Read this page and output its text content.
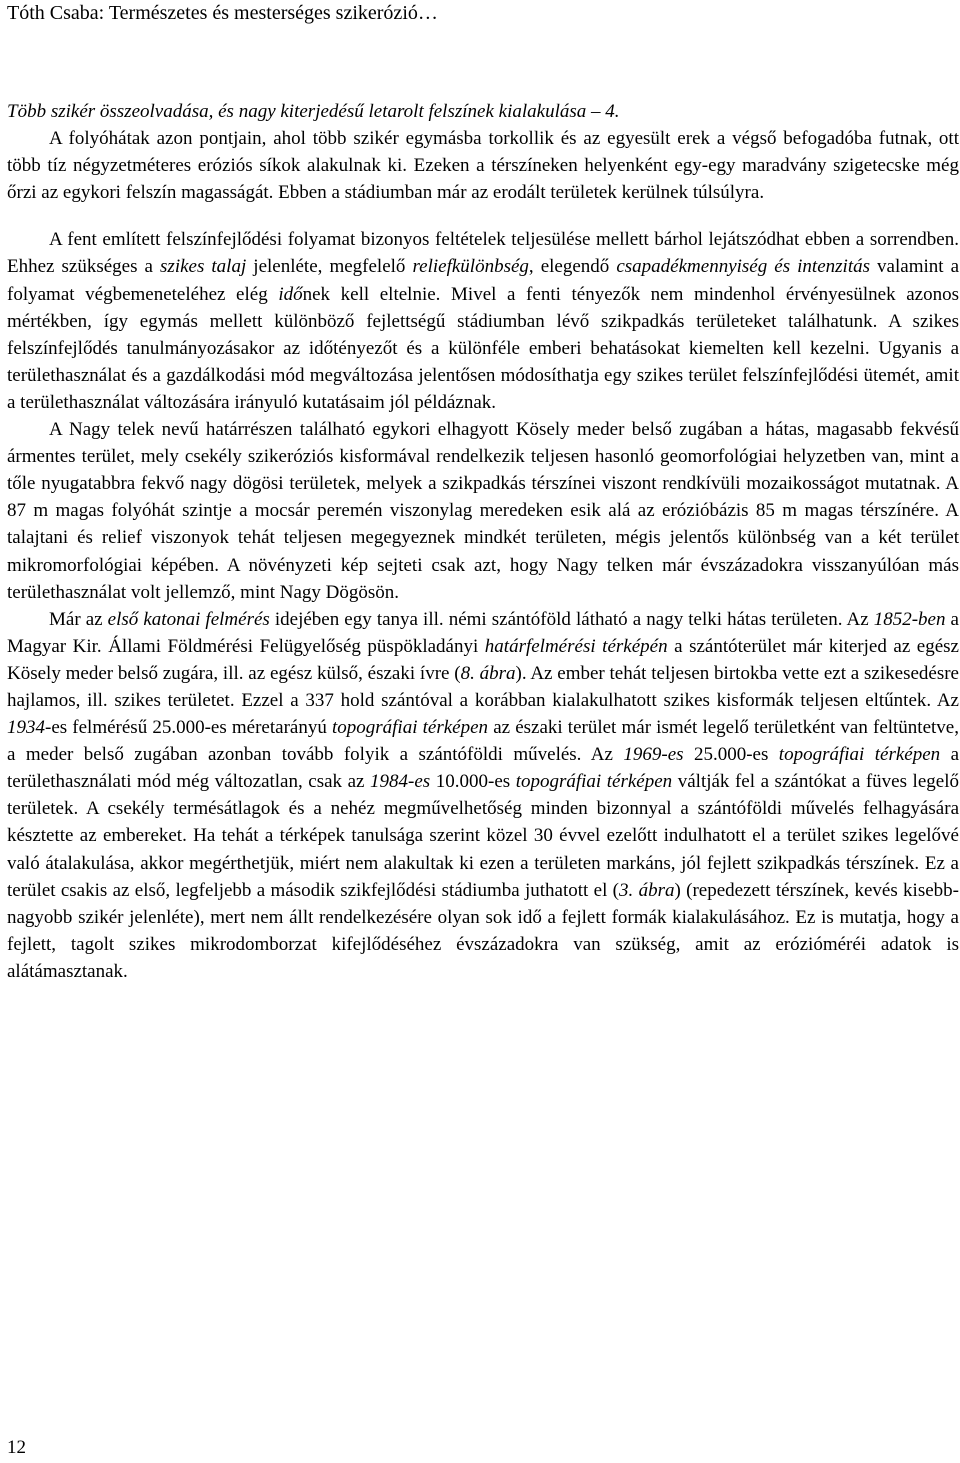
Tóth Csaba: Természetes és mesterséges szikerózió…

Több szikér összeolvadása, és nagy kiterjedésű letarolt felszínek kialakulása – 4.

A folyóhátak azon pontjain, ahol több szikér egymásba torkollik és az egyesült erek a végső befogadóba futnak, ott több tíz négyzetméteres eróziós síkok alakulnak ki. Ezeken a térszíneken helyenként egy-egy maradvány szigetecske még őrzi az egykori felszín magasságát. Ebben a stádiumban már az erodált területek kerülnek túlsúlyra.

A fent említett felszínfejlődési folyamat bizonyos feltételek teljesülése mellett bárhol lejátszódhat ebben a sorrendben. Ehhez szükséges a szikes talaj jelenléte, megfelelő reliefkülönbség, elegendő csapadékmennyiség és intenzitás valamint a folyamat végbemeneteléhez elég időnek kell eltelnie. Mivel a fenti tényezők nem mindenhol érvényesülnek azonos mértékben, így egymás mellett különböző fejlettségű stádiumban lévő szikpadkás területeket találhatunk. A szikes felszínfejlődés tanulmányozásakor az időtényezőt és a különféle emberi behatásokat kiemelten kell kezelni. Ugyanis a területhasználat és a gazdálkodási mód megváltozása jelentősen módosíthatja egy szikes terület felszínfejlődési ütemét, amit a területhasználat változására irányuló kutatásaim jól példáznak.

A Nagy telek nevű határrészen található egykori elhagyott Kösely meder belső zugában a hátas, magasabb fekvésű ármentes terület, mely csekély szikeróziós kisformával rendelkezik teljesen hasonló geomorfológiai helyzetben van, mint a tőle nyugatabbra fekvő nagy dögösi területek, melyek a szikpadkás térszínei viszont rendkívüli mozaikosságot mutatnak. A 87 m magas folyóhát szintje a mocsár peremén viszonylag meredeken esik alá az erózióbázis 85 m magas térszínére. A talajtani és relief viszonyok tehát teljesen megegyeznek mindkét területen, mégis jelentős különbség van a két terület mikromorfológiai képében. A növényzeti kép sejteti csak azt, hogy Nagy telken már évszázadokra visszanyúlóan más területhasználat volt jellemző, mint Nagy Dögösön.

Már az első katonai felmérés idejében egy tanya ill. némi szántóföld látható a nagy telki hátas területen. Az 1852-ben a Magyar Kir. Állami Földmérési Felügyelőség püspökladányi határfelmérési térképén a szántóterület már kiterjed az egész Kösely meder belső zugára, ill. az egész külső, északi ívre (8. ábra). Az ember tehát teljesen birtokba vette ezt a szikesedésre hajlamos, ill. szikes területet. Ezzel a 337 hold szántóval a korábban kialakulhatott szikes kisformák teljesen eltűntek. Az 1934-es felmérésű 25.000-es méretarányú topográfiai térképen az északi terület már ismét legelő területként van feltüntetve, a meder belső zugában azonban tovább folyik a szántóföldi művelés. Az 1969-es 25.000-es topográfiai térképen a területhasználati mód még változatlan, csak az 1984-es 10.000-es topográfiai térképen váltják fel a szántókat a füves legelő területek. A csekély termésátlagok és a nehéz megművelhetőség minden bizonnyal a szántóföldi művelés felhagyására késztette az embereket. Ha tehát a térképek tanulsága szerint közel 30 évvel ezelőtt indulhatott el a terület szikes legelővé való átalakulása, akkor megérthetjük, miért nem alakultak ki ezen a területen markáns, jól fejlett szikpadkás térszínek. Ez a terület csakis az első, legfeljebb a második szikfejlődési stádiumba juthatott el (3. ábra) (repedezett térszínek, kevés kisebb-nagyobb szikér jelenléte), mert nem állt rendelkezésére olyan sok idő a fejlett formák kialakulásához. Ez is mutatja, hogy a fejlett, tagolt szikes mikrodomborzat kifejlődéséhez évszázadokra van szükség, amit az erózióméréi adatok is alátámasztanak.

12
